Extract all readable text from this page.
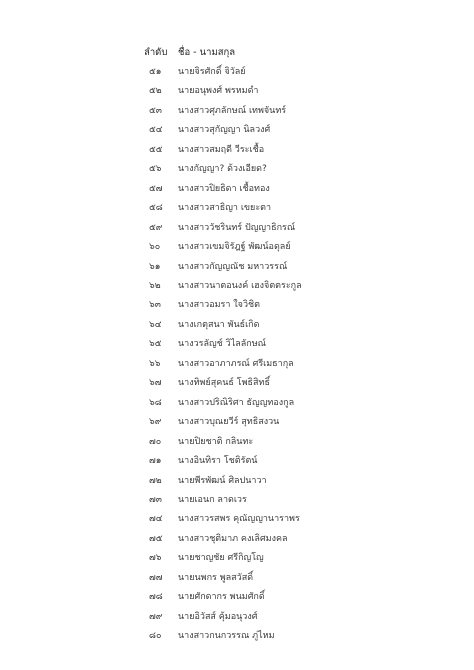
ลำดับ ชื่อ - นามสกุล
๕๑	นายจิรศักดิ์ จิวัลย์
๕๒	นายอนุพงศ์ พรหมดำ
๕๓	นางสาวศุภลักษณ์ เทพจันทร์
๕๔	นางสาวสุกัญญา นิลวงศ์
๕๕	นางสาวสมฤดี วีระเชื้อ
๕๖	นางกัญญา? ด้วงเอียด?
๕๗	นางสาวปิยธิดา เชื้อทอง
๕๘	นางสาวสาธิญา เขยะตา
๕๙	นางสาววัชรินทร์ ปัญญาธิกรณ์
๖๐	นางสาวเขมจิรัฎฐ์ พัฒน์อดุลย์
๖๑	นางสาวกัญญณัช มหาวรรณ์
๖๒	นางสาวนาตอนงค์ เฮงจิตตระกูล
๖๓	นางสาวอมรา ใจวิชิต
๖๔	นางเกตุสนา พันธ์เกิด
๖๕	นางวรลัญช์ วิไลลักษณ์
๖๖	นางสาวอาภาภรณ์ ศรีเมธากุล
๖๗	นางทิพย์สุคนธ์ โพธิสิทธิ์
๖๘	นางสาวปริณิริศา ธัญญทองกูล
๖๙	นางสาวบุณยวีร์ สุทธิสงวน
๗๐	นายปิยชาติ กลินทะ
๗๑	นางอินทิรา โชติรัตน์
๗๒	นายพีรพัฒน์ ศิลปนาวา
๗๓	นายเอนก ลาดเวร
๗๔	นางสาวรสพร คุณัญญานาราพร
๗๕	นางสาวชุติมาภ คงเลิศมงคล
๗๖	นายชาญชัย ศรีกิญโญ
๗๗	นายนพกร พูลสวัสดิ์
๗๘	นายศักดากร พนมศักดิ์
๗๙	นายอิวัสส์ คุ้มอนุวงศ์
๘๐	นางสาวกนกวรรณ ภู่ไหม
